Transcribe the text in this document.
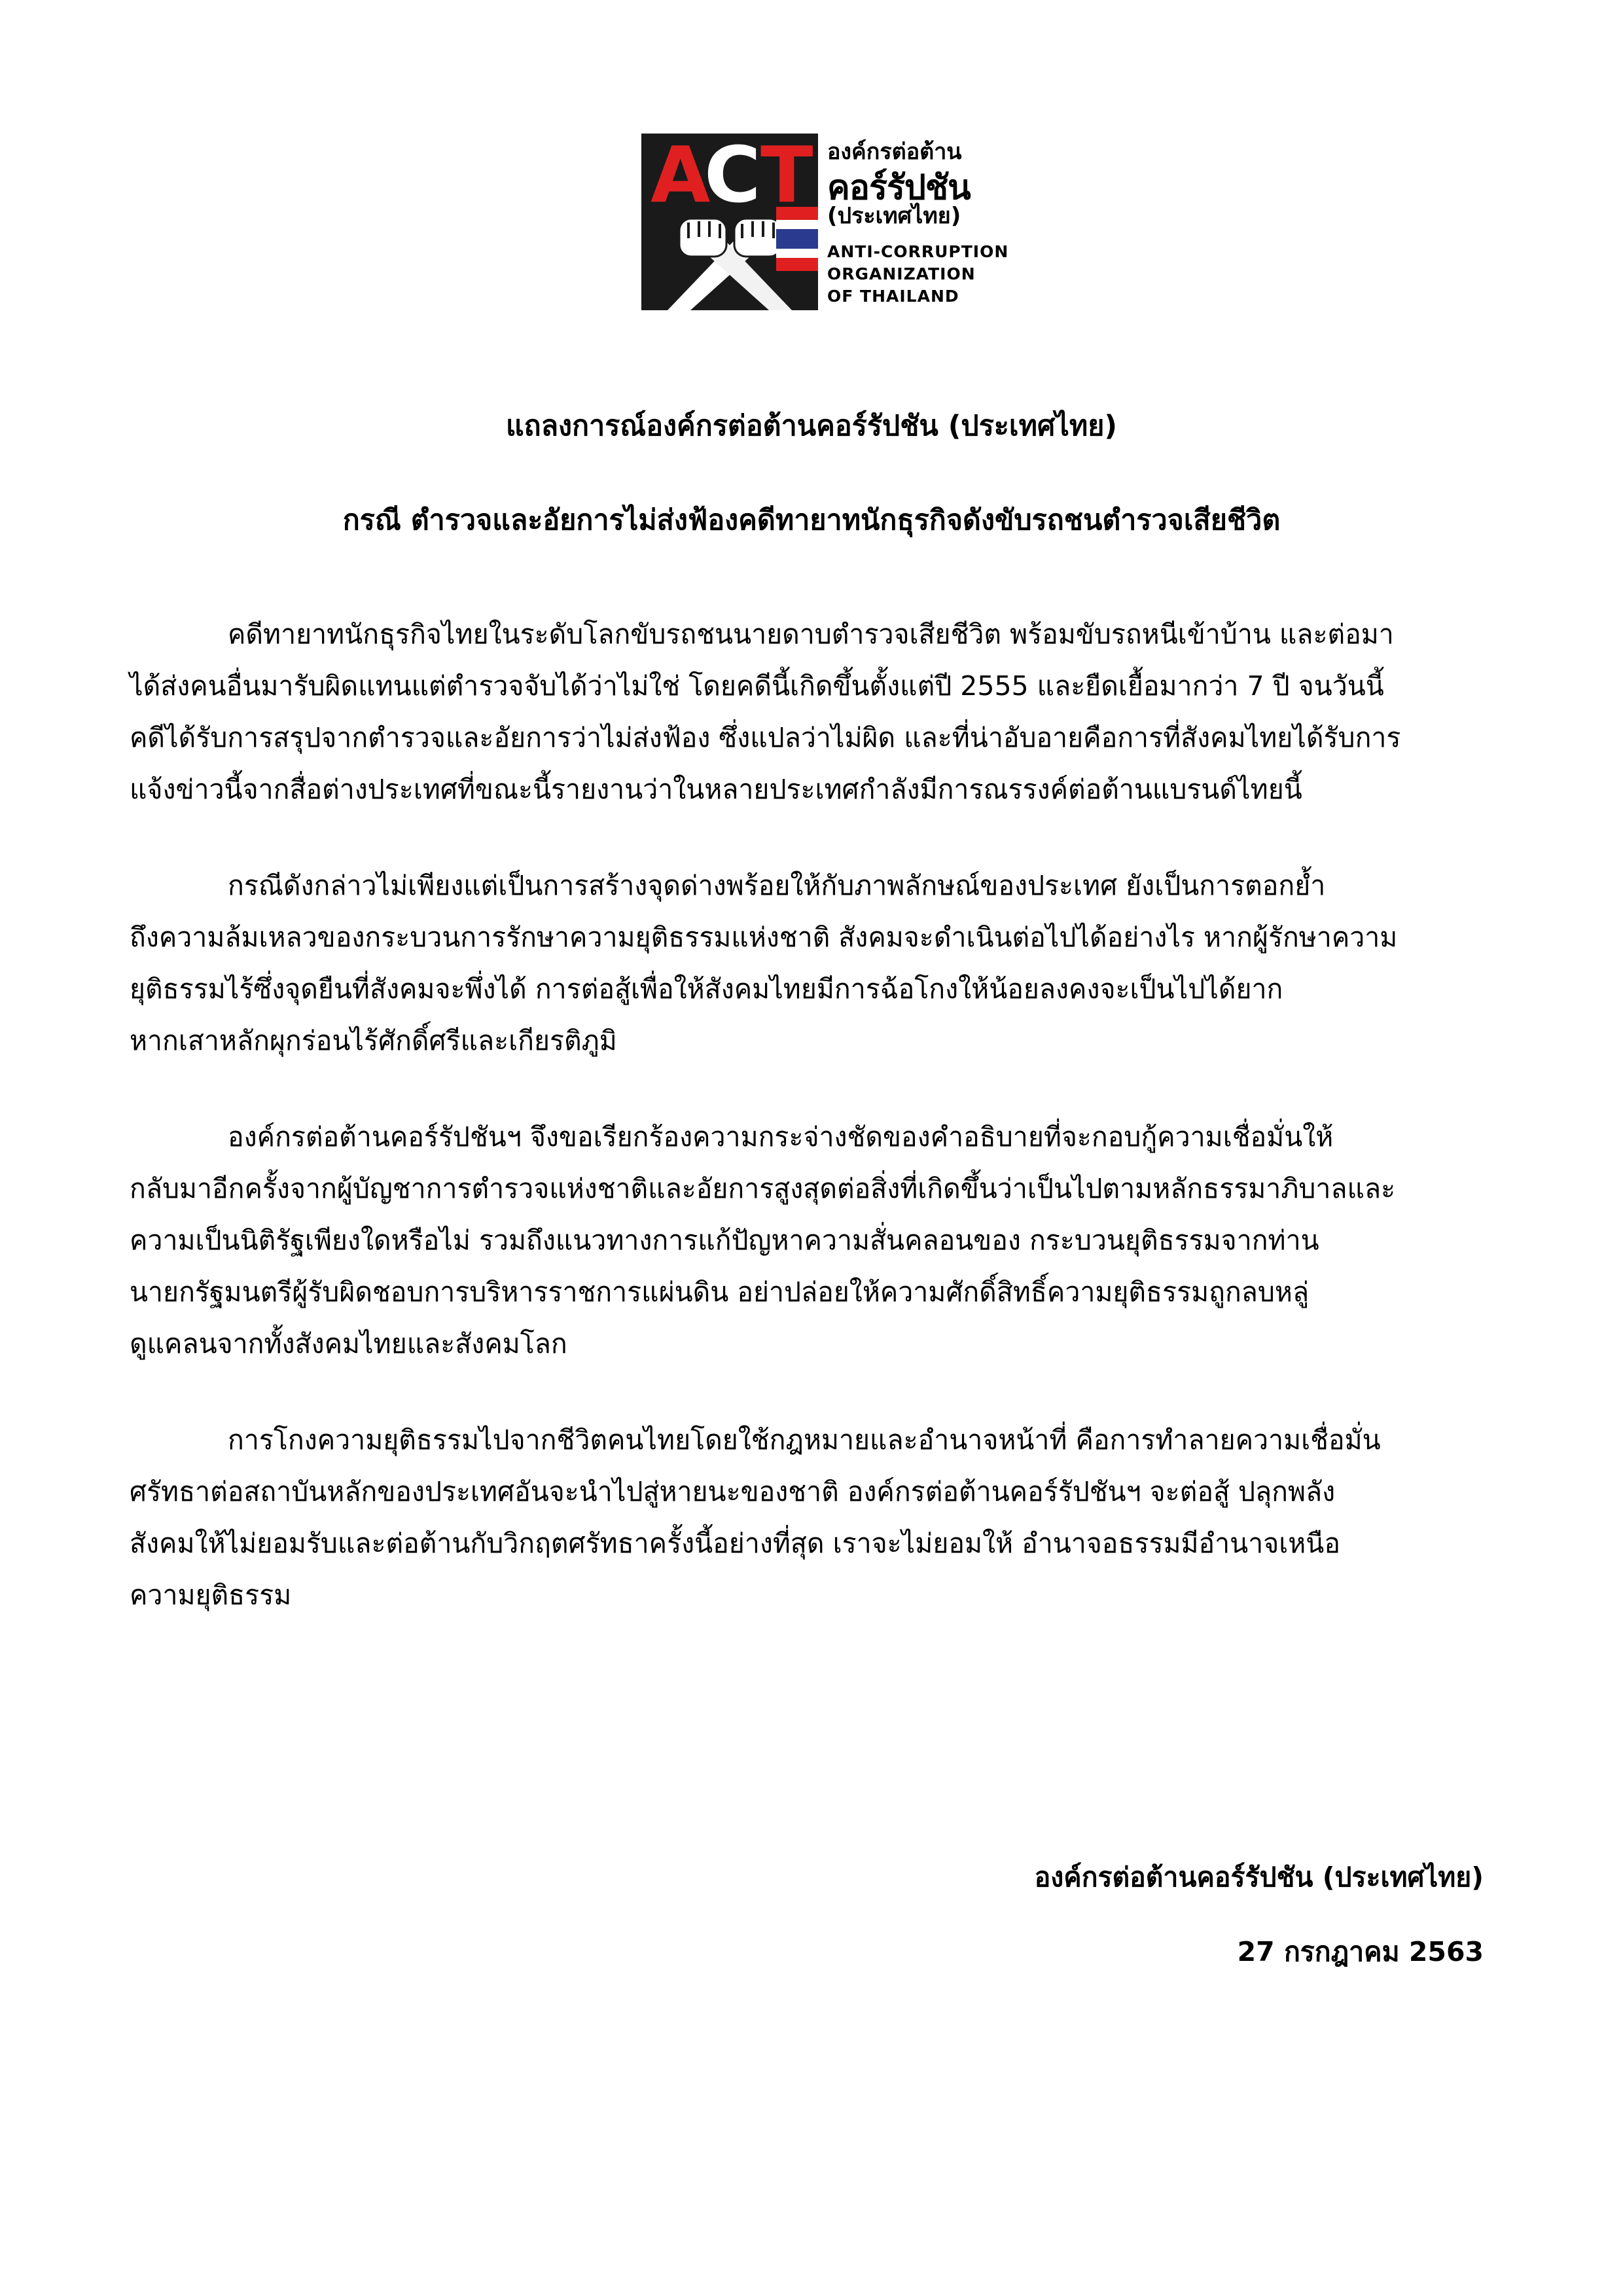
A
C T องค์กรต่อต้าน
คอร์รัปชัน
(ประเทศไทย)
ANTI-CORRUPTION
ORGANIZATION
OF THAILAND
แถลงการณ์องค์กรต่อต้านคอร์รัปชัน (ประเทศไทย)
กรณี ตำรวจและอัยการไม่ส่งฟ้องคดีทายาทนักธุรกิจดังขับรถชนตำรวจเสียชีวิต
คดีทายาทนักธุรกิจไทยในระดับโลกขับรถชนนายดาบตำรวจเสียชีวิต พร้อมขับรถหนีเข้าบ้าน และต่อมา
ได้ส่งคนอื่นมารับผิดแทนแต่ตำรวจจับได้ว่าไม่ใช่ โดยคดีนี้เกิดขึ้นตั้งแต่ปี 2555 และยืดเยื้อมากว่า 7 ปี จนวันนี้
คดีได้รับการสรุปจากตำรวจและอัยการว่าไม่ส่งฟ้อง ซึ่งแปลว่าไม่ผิด และที่น่าอับอายคือการที่สังคมไทยได้รับการ
แจ้งข่าวนี้จากสื่อต่างประเทศที่ขณะนี้รายงานว่าในหลายประเทศกำลังมีการณรรงค์ต่อต้านแบรนด์ไทยนี้
กรณีดังกล่าวไม่เพียงแต่เป็นการสร้างจุดด่างพร้อยให้กับภาพลักษณ์ของประเทศ ยังเป็นการตอกย้ำ
ถึงความล้มเหลวของกระบวนการรักษาความยุติธรรมแห่งชาติ สังคมจะดำเนินต่อไปได้อย่างไร หากผู้รักษาความ
ยุติธรรมไร้ซึ่งจุดยืนที่สังคมจะพึ่งได้ การต่อสู้เพื่อให้สังคมไทยมีการฉ้อโกงให้น้อยลงคงจะเป็นไปได้ยาก
หากเสาหลักผุกร่อนไร้ศักดิ์ศรีและเกียรติภูมิ
องค์กรต่อต้านคอร์รัปชันฯ จึงขอเรียกร้องความกระจ่างชัดของคำอธิบายที่จะกอบกู้ความเชื่อมั่นให้
กลับมาอีกครั้งจากผู้บัญชาการตำรวจแห่งชาติและอัยการสูงสุดต่อสิ่งที่เกิดขึ้นว่าเป็นไปตามหลักธรรมาภิบาลและ
ความเป็นนิติรัฐเพียงใดหรือไม่ รวมถึงแนวทางการแก้ปัญหาความสั่นคลอนของ กระบวนยุติธรรมจากท่าน
นายกรัฐมนตรีผู้รับผิดชอบการบริหารราชการแผ่นดิน อย่าปล่อยให้ความศักดิ์สิทธิ์ความยุติธรรมถูกลบหลู่
ดูแคลนจากทั้งสังคมไทยและสังคมโลก
การโกงความยุติธรรมไปจากชีวิตคนไทยโดยใช้กฎหมายและอำนาจหน้าที่ คือการทำลายความเชื่อมั่น
ศรัทธาต่อสถาบันหลักของประเทศอันจะนำไปสู่หายนะของชาติ องค์กรต่อต้านคอร์รัปชันฯ จะต่อสู้ ปลุกพลัง
สังคมให้ไม่ยอมรับและต่อต้านกับวิกฤตศรัทธาครั้งนี้อย่างที่สุด เราจะไม่ยอมให้ อำนาจอธรรมมีอำนาจเหนือ
ความยุติธรรม
องค์กรต่อต้านคอร์รัปชัน (ประเทศไทย)
27 กรกฎาคม 2563
